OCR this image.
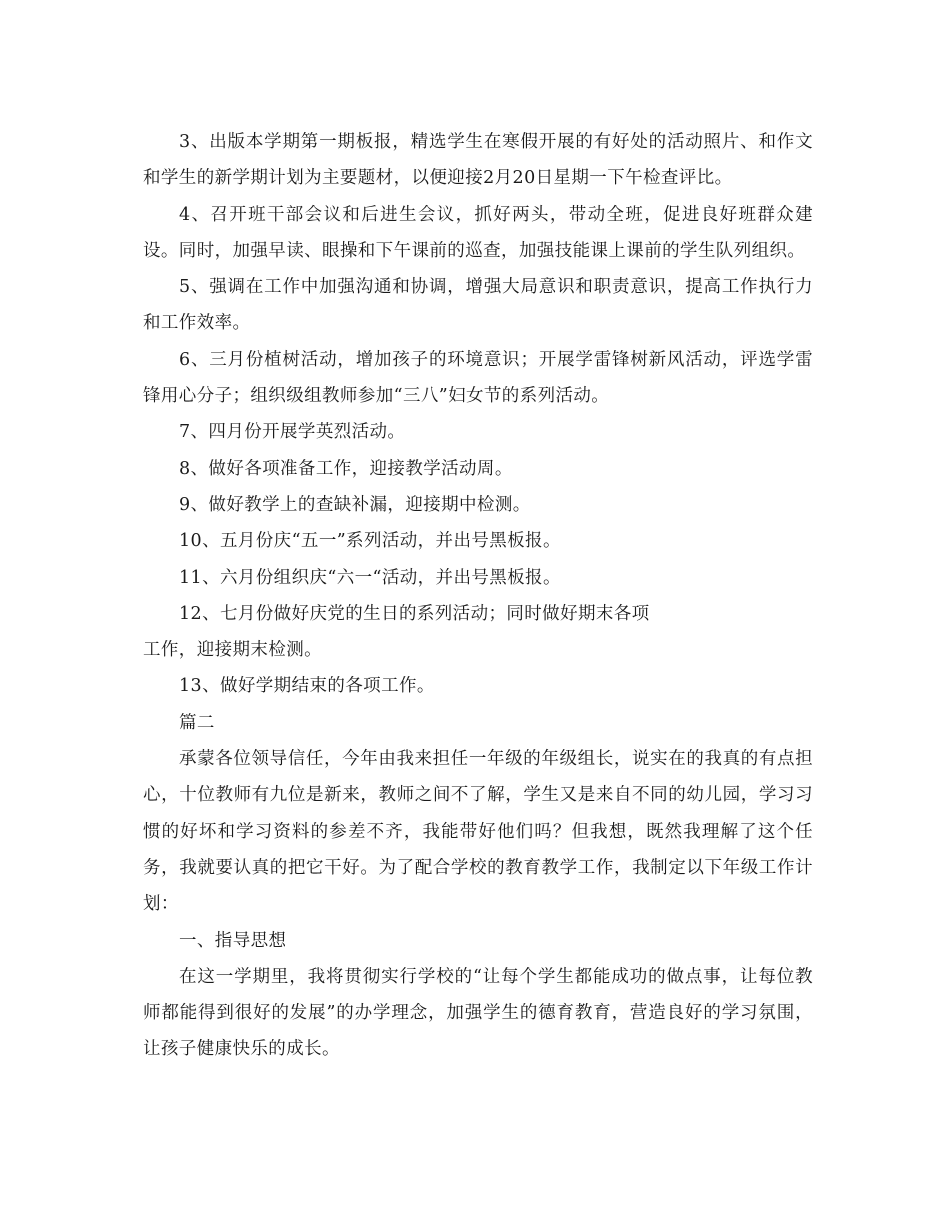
3、出版本学期第一期板报，精选学生在寒假开展的有好处的活动照片、和作文和学生的新学期计划为主要题材，以便迎接2月20日星期一下午检查评比。

4、召开班干部会议和后进生会议，抓好两头，带动全班，促进良好班群众建设。同时，加强早读、眼操和下午课前的巡查，加强技能课上课前的学生队列组织。

5、强调在工作中加强沟通和协调，增强大局意识和职责意识，提高工作执行力和工作效率。

6、三月份植树活动，增加孩子的环境意识；开展学雷锋树新风活动，评选学雷锋用心分子；组织级组教师参加“三八”妇女节的系列活动。

7、四月份开展学英烈活动。

8、做好各项准备工作，迎接教学活动周。

9、做好教学上的查缺补漏，迎接期中检测。

10、五月份庆“五一”系列活动，并出号黑板报。

11、六月份组织庆“六一“活动，并出号黑板报。

12、七月份做好庆党的生日的系列活动；同时做好期末各项

工作，迎接期末检测。

13、做好学期结束的各项工作。

篇二

承蒙各位领导信任，今年由我来担任一年级的年级组长，说实在的我真的有点担心，十位教师有九位是新来，教师之间不了解，学生又是来自不同的幼儿园，学习习惯的好坏和学习资料的参差不齐，我能带好他们吗？但我想，既然我理解了这个任务，我就要认真的把它干好。为了配合学校的教育教学工作，我制定以下年级工作计划：

一、指导思想

在这一学期里，我将贯彻实行学校的“让每个学生都能成功的做点事，让每位教师都能得到很好的发展”的办学理念，加强学生的德育教育，营造良好的学习氛围，让孩子健康快乐的成长。
